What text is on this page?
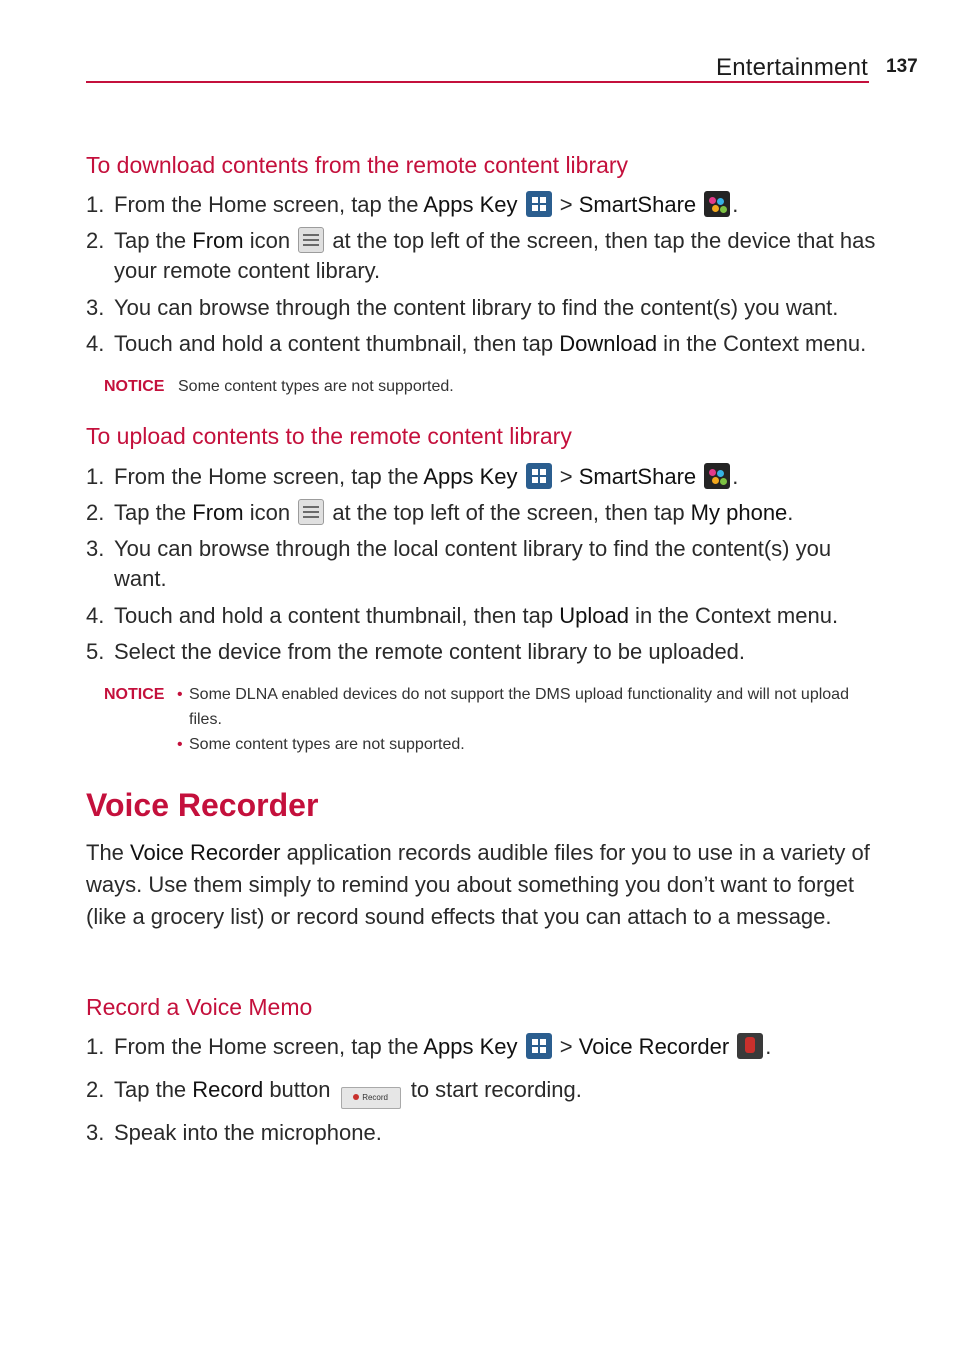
Entertainment 137
To download contents from the remote content library
1. From the Home screen, tap the Apps Key  > SmartShare .
2. Tap the From icon  at the top left of the screen, then tap the device that has your remote content library.
3. You can browse through the content library to find the content(s) you want.
4. Touch and hold a content thumbnail, then tap Download in the Context menu.
NOTICE Some content types are not supported.
To upload contents to the remote content library
1. From the Home screen, tap the Apps Key  > SmartShare .
2. Tap the From icon  at the top left of the screen, then tap My phone.
3. You can browse through the local content library to find the content(s) you want.
4. Touch and hold a content thumbnail, then tap Upload in the Context menu.
5. Select the device from the remote content library to be uploaded.
NOTICE • Some DLNA enabled devices do not support the DMS upload functionality and will not upload files.
• Some content types are not supported.
Voice Recorder
The Voice Recorder application records audible files for you to use in a variety of ways. Use them simply to remind you about something you don’t want to forget (like a grocery list) or record sound effects that you can attach to a message.
Record a Voice Memo
1. From the Home screen, tap the Apps Key  > Voice Recorder .
2. Tap the Record button	Record to start recording.
3. Speak into the microphone.
